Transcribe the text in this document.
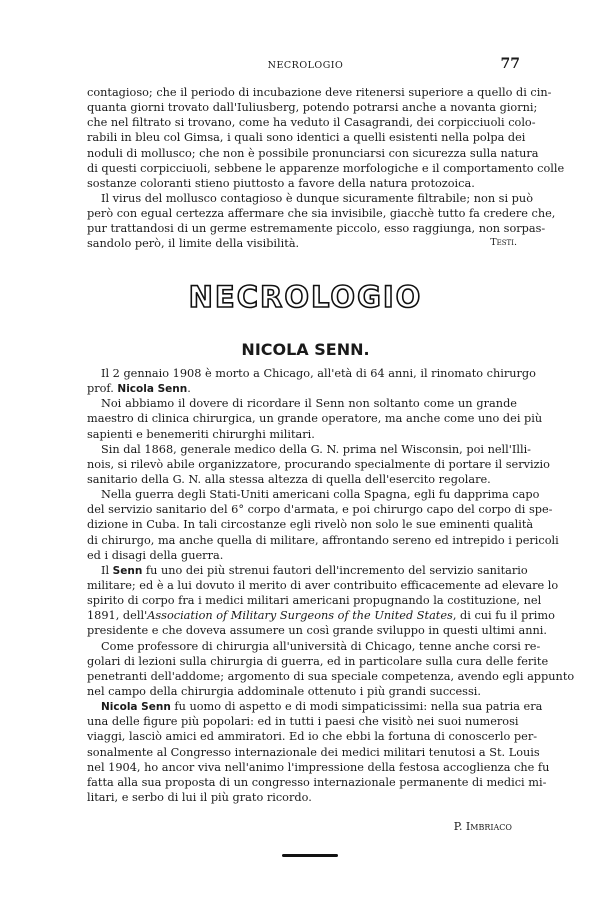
NECROLOGIO	77
contagioso; che il periodo di incubazione deve ritenersi superiore a quello di cin-
quanta giorni trovato dall'Iuliusberg, potendo potrarsi anche a novanta giorni;
che nel filtrato si trovano, come ha veduto il Casagrandi, dei corpicciuoli colo-
rabili in bleu col Gimsa, i quali sono identici a quelli esistenti nella polpa dei
noduli di mollusco; che non è possibile pronunciarsi con sicurezza sulla natura
di questi corpicciuoli, sebbene le apparenze morfologiche e il comportamento colle
sostanze coloranti stieno piuttosto a favore della natura protozoica.
Il virus del mollusco contagioso è dunque sicuramente filtrabile; non si può
però con egual certezza affermare che sia invisibile, giacchè tutto fa credere che,
pur trattandosi di un germe estremamente piccolo, esso raggiunga, non sorpas-
sandolo però, il limite della visibilità.	Testi.
NECROLOGIO
NICOLA SENN.
Il 2 gennaio 1908 è morto a Chicago, all'età di 64 anni, il rinomato chirurgo
prof. Nicola Senn.
Noi abbiamo il dovere di ricordare il Senn non soltanto come un grande
maestro di clinica chirurgica, un grande operatore, ma anche come uno dei più
sapienti e benemeriti chirurghi militari.
Sin dal 1868, generale medico della G. N. prima nel Wisconsin, poi nell'Illi-
nois, si rilevò abile organizzatore, procurando specialmente di portare il servizio
sanitario della G. N. alla stessa altezza di quella dell'esercito regolare.
Nella guerra degli Stati-Uniti americani colla Spagna, egli fu dapprima capo
del servizio sanitario del 6° corpo d'armata, e poi chirurgo capo del corpo di spe-
dizione in Cuba. In tali circostanze egli rivelò non solo le sue eminenti qualità
di chirurgo, ma anche quella di militare, affrontando sereno ed intrepido i pericoli
ed i disagi della guerra.
Il Senn fu uno dei più strenui fautori dell'incremento del servizio sanitario
militare; ed è a lui dovuto il merito di aver contribuito efficacemente ad elevare lo
spirito di corpo fra i medici militari americani propugnando la costituzione, nel
1891, dell'Association of Military Surgeons of the United States, di cui fu il primo
presidente e che doveva assumere un così grande sviluppo in questi ultimi anni.
Come professore di chirurgia all'università di Chicago, tenne anche corsi re-
golari di lezioni sulla chirurgia di guerra, ed in particolare sulla cura delle ferite
penetranti dell'addome; argomento di sua speciale competenza, avendo egli appunto
nel campo della chirurgia addominale ottenuto i più grandi successi.
Nicola Senn fu uomo di aspetto e di modi simpaticissimi: nella sua patria era
una delle figure più popolari: ed in tutti i paesi che visitò nei suoi numerosi
viaggi, lasciò amici ed ammiratori. Ed io che ebbi la fortuna di conoscerlo per-
sonalmente al Congresso internazionale dei medici militari tenutosi a St. Louis
nel 1904, ho ancor viva nell'animo l'impressione della festosa accoglienza che fu
fatta alla sua proposta di un congresso internazionale permanente di medici mi-
litari, e serbo di lui il più grato ricordo.
P. Imbriaco
